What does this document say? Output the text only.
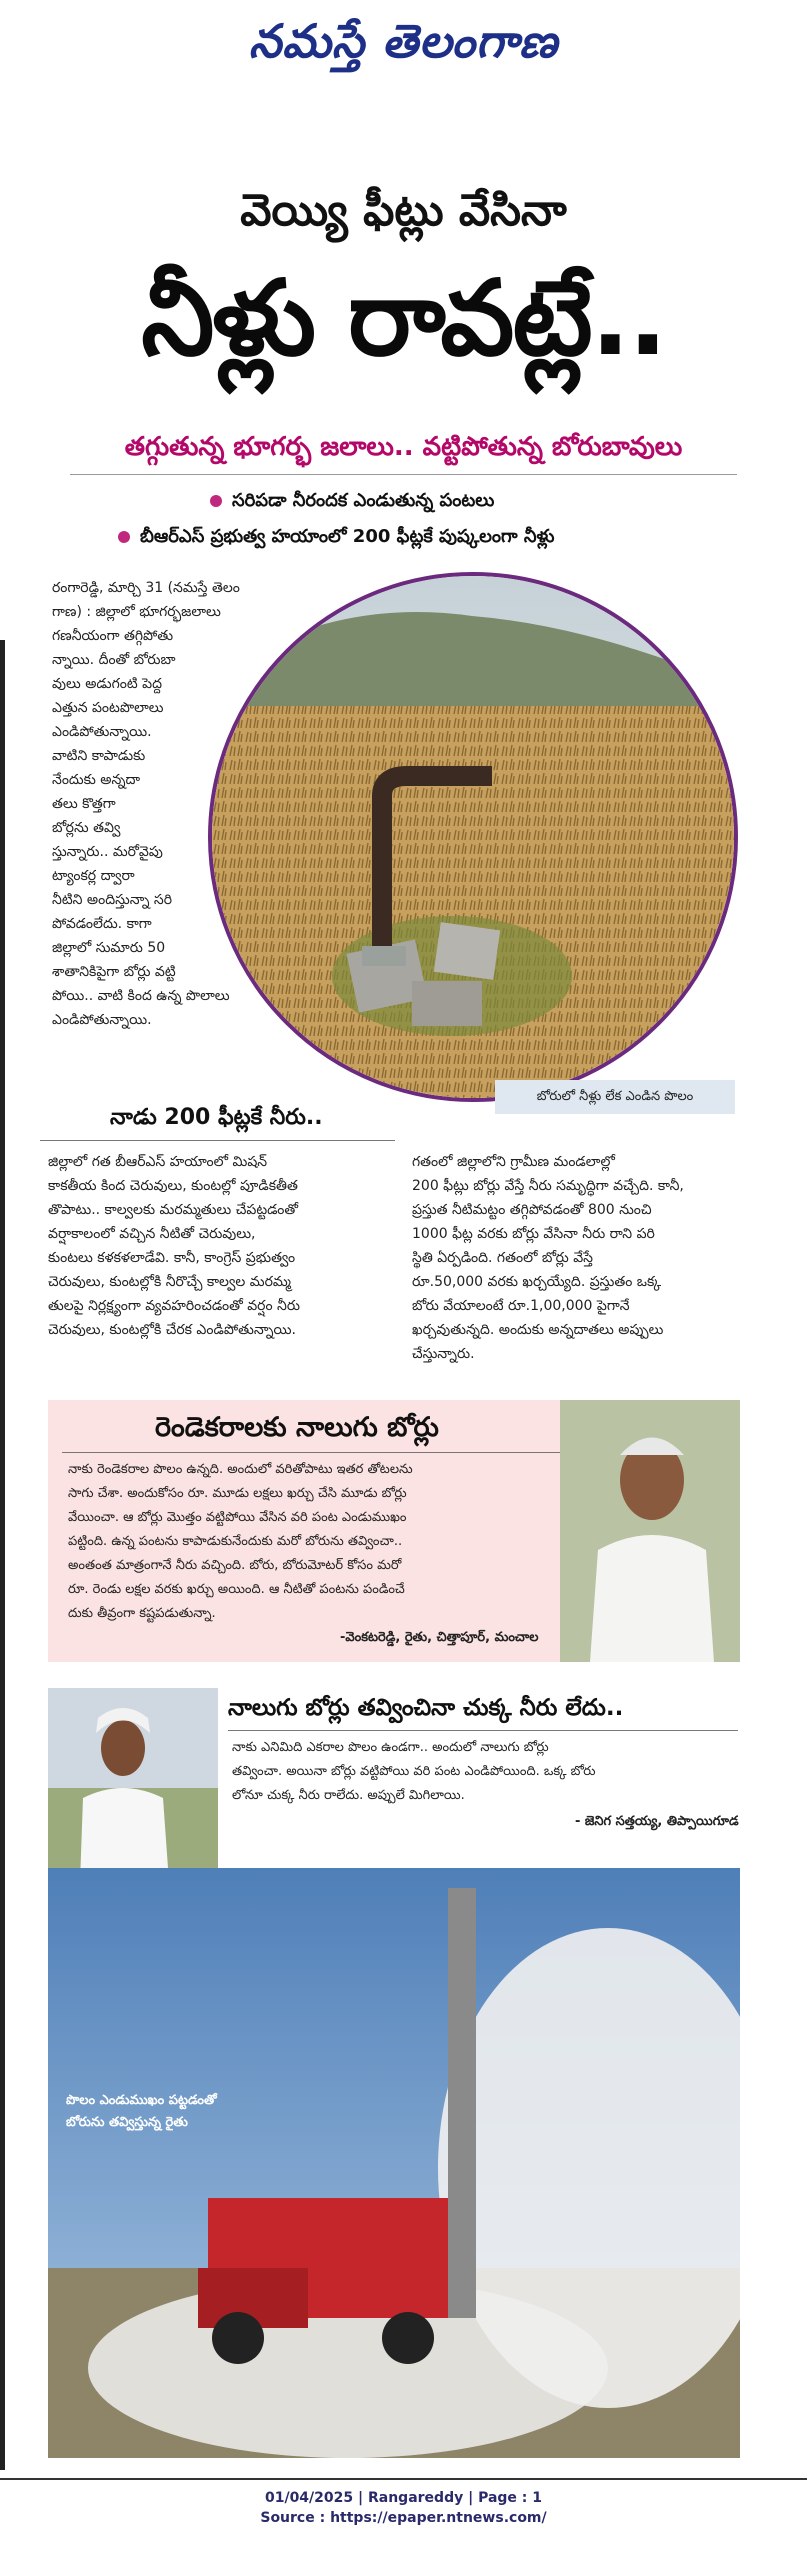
నమస్తే తెలంగాణ
వెయ్యి ఫీట్లు వేసినా
నీళ్లు రావట్లే..
తగ్గుతున్న భూగర్భ జలాలు.. వట్టిపోతున్న బోరుబావులు
సరిపడా నీరందక ఎండుతున్న పంటలు
బీఆర్ఎస్ ప్రభుత్వ హయాంలో 200 ఫీట్లకే పుష్కలంగా నీళ్లు
రంగారెడ్డి, మార్చి 31 (నమస్తే తెలం
గాణ) : జిల్లాలో భూగర్భజలాలు
గణనీయంగా తగ్గిపోతు
న్నాయి. దీంతో బోరుబా
వులు అడుగంటి పెద్ద
ఎత్తున పంటపొలాలు
ఎండిపోతున్నాయి.
వాటిని కాపాడుకు
నేందుకు అన్నదా
తలు కొత్తగా
బోర్లను తవ్వి
స్తున్నారు.. మరోవైపు
ట్యాంకర్ల ద్వారా
నీటిని అందిస్తున్నా సరి
పోవడంలేదు. కాగా
జిల్లాలో సుమారు 50
శాతానికిపైగా బోర్లు వట్టి
పోయి.. వాటి కింద ఉన్న పొలాలు
ఎండిపోతున్నాయి.
బోరులో నీళ్లు లేక ఎండిన పొలం
నాడు 200 ఫీట్లకే నీరు..
జిల్లాలో గత బీఆర్ఎస్ హయాంలో మిషన్
కాకతీయ కింద చెరువులు, కుంటల్లో పూడికతీత
తొపాటు.. కాల్వలకు మరమ్మతులు చేపట్టడంతో
వర్షాకాలంలో వచ్చిన నీటితో చెరువులు,
కుంటలు కళకళలాడేవి. కానీ, కాంగ్రెస్ ప్రభుత్వం
చెరువులు, కుంటల్లోకి నీరొచ్చే కాల్వల మరమ్మ
తులపై నిర్లక్ష్యంగా వ్యవహరించడంతో వర్షం నీరు
చెరువులు, కుంటల్లోకి చేరక ఎండిపోతున్నాయి.
గతంలో జిల్లాలోని గ్రామీణ మండలాల్లో
200 ఫీట్లు బోర్లు వేస్తే నీరు సమృద్ధిగా వచ్చేది. కానీ,
ప్రస్తుత నీటిమట్టం తగ్గిపోవడంతో 800 నుంచి
1000 ఫీట్ల వరకు బోర్లు వేసినా నీరు రాని పరి
స్థితి ఏర్పడింది. గతంలో బోర్లు వేస్తే
రూ.50,000 వరకు ఖర్చయ్యేది. ప్రస్తుతం ఒక్క
బోరు వేయాలంటే రూ.1,00,000 పైగానే
ఖర్చవుతున్నది. అందుకు అన్నదాతలు అప్పులు
చేస్తున్నారు.
రెండెకరాలకు నాలుగు బోర్లు
నాకు రెండెకరాల పొలం ఉన్నది. అందులో వరితోపాటు ఇతర తోటలను
సాగు చేశా. అందుకోసం రూ. మూడు లక్షలు ఖర్చు చేసి మూడు బోర్లు
వేయించా. ఆ బోర్లు మొత్తం వట్టిపోయి వేసిన వరి పంట ఎండుముఖం
పట్టింది. ఉన్న పంటను కాపాడుకునేందుకు మరో బోరును తవ్వించా..
అంతంత మాత్రంగానే నీరు వచ్చింది. బోరు, బోరుమోటర్ కోసం మరో
రూ. రెండు లక్షల వరకు ఖర్చు అయింది. ఆ నీటితో పంటను పండించే
దుకు తీవ్రంగా కష్టపడుతున్నా.
-వెంకటరెడ్డి, రైతు, చిత్తాపూర్, మంచాల
నాలుగు బోర్లు తవ్వించినా చుక్క నీరు లేదు..
నాకు ఎనిమిది ఎకరాల పొలం ఉండగా.. అందులో నాలుగు బోర్లు
తవ్వించా. అయినా బోర్లు వట్టిపోయి వరి పంట ఎండిపోయింది. ఒక్క బోరు
లోనూ చుక్క నీరు రాలేదు. అప్పులే మిగిలాయి.
- జెనిగ సత్తయ్య, తిప్పాయిగూడ
పొలం ఎండుముఖం పట్టడంతో
బోరును తవ్విస్తున్న రైతు
01/04/2025 | Rangareddy | Page : 1
Source : https://epaper.ntnews.com/
